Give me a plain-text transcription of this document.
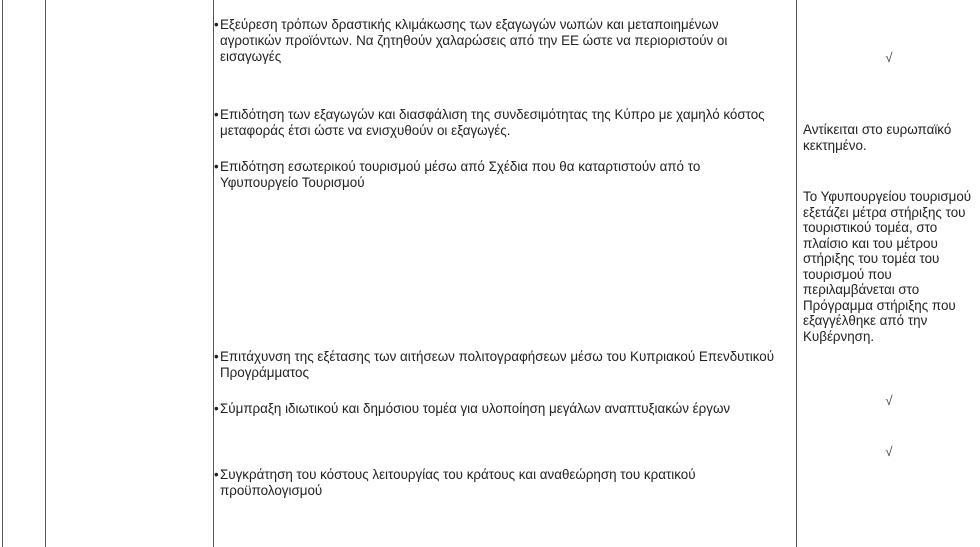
• Εξεύρεση τρόπων δραστικής κλιμάκωσης των εξαγωγών νωπών και μεταποιημένων αγροτικών προϊόντων. Να ζητηθούν χαλαρώσεις από την ΕΕ ώστε να περιοριστούν οι εισαγωγές
• Επιδότηση των εξαγωγών και διασφάλιση της συνδεσιμότητας της Κύπρο με χαμηλό κόστος μεταφοράς έτσι ώστε να ενισχυθούν οι εξαγωγές.
• Επιδότηση εσωτερικού τουρισμού μέσω από Σχέδια που θα καταρτιστούν από το Υφυπουργείο Τουρισμού
• Επιτάχυνση της εξέτασης των αιτήσεων πολιτογραφήσεων μέσω του Κυπριακού Επενδυτικού Προγράμματος
• Σύμπραξη ιδιωτικού και δημόσιου τομέα για υλοποίηση μεγάλων αναπτυξιακών έργων
• Συγκράτηση του κόστους λειτουργίας του κράτους και αναθεώρηση του κρατικού προϋπολογισμού
√
Αντίκειται στο ευρωπαϊκό κεκτημένο.
Το Υφυπουργείου τουρισμού εξετάζει μέτρα στήριξης του τουριστικού τομέα, στο πλαίσιο και του μέτρου στήριξης του τομέα του τουρισμού που περιλαμβάνεται στο Πρόγραμμα στήριξης που εξαγγέλθηκε από την Κυβέρνηση.
√
√
